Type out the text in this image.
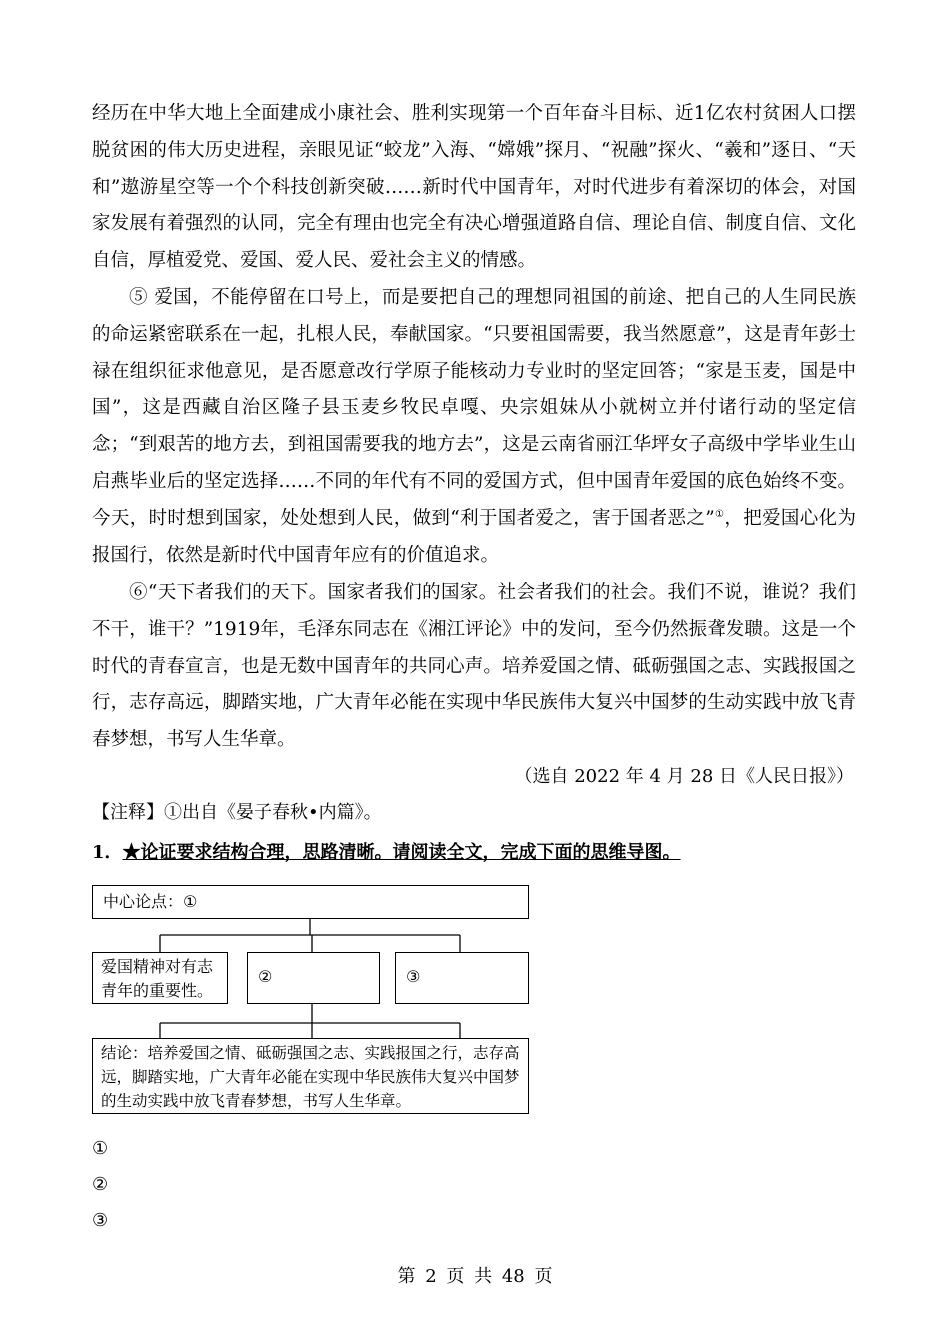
经历在中华大地上全面建成小康社会、胜利实现第一个百年奋斗目标、近1亿农村贫困人口摆脱贫困的伟大历史进程，亲眼见证“蛟龙”入海、“嫦娥”探月、“祝融”探火、“羲和”逐日、“天和”遨游星空等一个个科技创新突破……新时代中国青年，对时代进步有着深切的体会，对国家发展有着强烈的认同，完全有理由也完全有决心增强道路自信、理论自信、制度自信、文化自信，厚植爱党、爱国、爱人民、爱社会主义的情感。

⑤ 爱国，不能停留在口号上，而是要把自己的理想同祖国的前途、把自己的人生同民族的命运紧密联系在一起，扎根人民，奉献国家。“只要祖国需要，我当然愿意”，这是青年彭士禄在组织征求他意见，是否愿意改行学原子能核动力专业时的坚定回答；“家是玉麦，国是中国”，这是西藏自治区隆子县玉麦乡牧民卓嘎、央宗姐妹从小就树立并付诸行动的坚定信念；“到艰苦的地方去，到祖国需要我的地方去”，这是云南省丽江华坪女子高级中学毕业生山启燕毕业后的坚定选择……不同的年代有不同的爱国方式，但中国青年爱国的底色始终不变。今天，时时想到国家，处处想到人民，做到“利于国者爱之，害于国者恶之”①，把爱国心化为报国行，依然是新时代中国青年应有的价值追求。

⑥“天下者我们的天下。国家者我们的国家。社会者我们的社会。我们不说，谁说？我们不干，谁干？”1919年，毛泽东同志在《湘江评论》中的发问，至今仍然振聋发聩。这是一个时代的青春宣言，也是无数中国青年的共同心声。培养爱国之情、砥砺强国之志、实践报国之行，志存高远，脚踏实地，广大青年必能在实现中华民族伟大复兴中国梦的生动实践中放飞青春梦想，书写人生华章。

（选自 2022 年 4 月 28 日《人民日报》）
【注释】①出自《晏子春秋•内篇》。
1．★论证要求结构合理，思路清晰。请阅读全文，完成下面的思维导图。
中心论点：①
爱国精神对有志青年的重要性。
②	③
结论：培养爱国之情、砥砺强国之志、实践报国之行，志存高远，脚踏实地，广大青年必能在实现中华民族伟大复兴中国梦的生动实践中放飞青春梦想，书写人生华章。
①
②
③
第 2 页 共 48 页
